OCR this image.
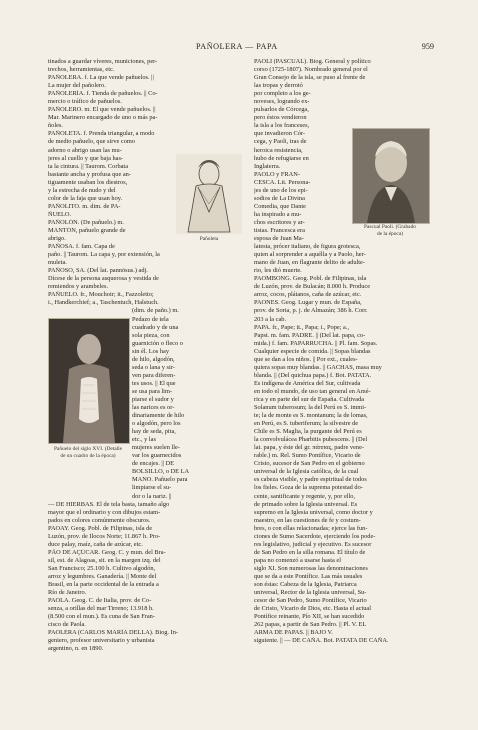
PAÑOLERA — PAPA	959
tinados a guardar víveres, municiones, per-
trechos, herramientas, etc.
PAÑOLERA. f. La que vende pañuelos. ||
La mujer del pañolero.
PAÑOLERÍA. f. Tienda de pañuelos. || Co-
mercio o tráfico de pañuelos.
PAÑOLERO. m. El que vende pañuelos. ||
Mar. Marinero encargado de uno o más pa-
ñoles.
PAÑOLETA. f. Prenda triangular, a modo
de medio pañuelo, que sirve como
adorno o abrigo usan las mu-
jeres al cuello y que baja has-
ta la cintura. || Taurom. Corbata
bastante ancha y profusa que an-
tiguamente usaban los diestros,
y la estrecha de nudo y del
color de la faja que usan hoy.
PAÑOLITO. m. dim. de PA-
ÑUELO.
PAÑOLÓN. (De pañuelo.) m.
MANTÓN, pañuelo grande de
abrigo.
PAÑOSA. f. fam. Capa de
paño. || Taurom. La capa y, por extensión, la
muleta.
PAÑOSO, SA. (Del lat. pannōsus.) adj.
Dícese de la persona asquerosa y vestida de
remiendos y arambeles.
PAÑUELO. fr., Mouchoir; it., Fazzoletto;
i., Handkerchief; a., Taschentuch, Halstuch.
(dim. de paño.) m.
Pedazo de tela
cuadrado y de una
sola pieza, con
guarnición o fleco o
sin él. Los hay
de hilo, algodón,
seda o lana y sir-
ven para diferen-
tes usos. || El que
se usa para lim-
piarse el sudor y
las narices es or-
dinariamente de hilo
o algodón, pero los
hay de seda, pita,
etc., y las
mujeres suelen lle-
var los guarnecidos
de encajes. || DE
BOLSILLO, o DE LA
MANO. Pañuelo para
limpiarse el su-
dor o la nariz. ||
— DE HIERBAS. El de tela basta, tamaño algo
mayor que el ordinario y con dibujos estam-
pados en colores comúnmente obscuros.
PAOAY. Geog. Pobl. de Filipinas, isla de
Luzón, prov. de Ilocos Norte; 11.867 h. Pro-
duce palay, maíz, caña de azúcar, etc.
PÃO DE AÇÚCAR. Geog. C. y mun. del Bra-
sil, est. de Alagoas, sit. en la margen izq. del
San Francisco; 25.100 h. Cultivo algodón,
arroz y legumbres. Ganadería. || Monte del
Brasil, en la parte occidental de la entrada a
Río de Janeiro.
PAOLA. Geog. C. de Italia, prov. de Co-
senza, a orillas del mar Tirreno; 13.918 h.
(8.500 con el mun.). Es cuna de San Fran-
cisco de Paola.
PAOLERA (CARLOS MARÍA DELLA). Biog. In-
geniero, profesor universitario y urbanista
argentino, n. en 1890.
PAOLI (PASCUAL). Biog. General y político
corso (1725-1807). Nombrado general por el
Gran Consejo de la isla, se puso al frente de
las tropas y derrotó
por completo a los ge-
noveses, logrando ex-
pulsarlos de Córcega,
pero éstos vendieron
la isla a los franceses,
que invadieron Cór-
cega, y Paoli, tras de
heroica resistencia,
hubo de refugiarse en
Inglaterra.
PAOLO y FRAN-
CESCA. Lit. Persona-
jes de uno de los epi-
sodios de La Divina
Comedia, que Dante
ha inspirado a mu-
chos escritores y ar-
tistas. Francesca era
esposa de Juan Ma-
latesta, prócer italiano, de figura grotesca,
quien al sorprender a aquélla y a Paolo, her-
mano de Juan, en flagrante delito de adulte-
rio, les dió muerte.
PAOMBONG. Geog. Pobl. de Filipinas, isla
de Luzón, prov. de Bulacán; 8.000 h. Produce
arroz, cocos, plátanos, caña de azúcar, etc.
PAONES. Geog. Lugar y mun. de España,
prov. de Soria, p. j. de Almazán; 386 h. Corr.
203 a la cab.
PAPA. fr., Pape; it., Papa; i., Pope; a.,
Papst. m. fam. PADRE. || (Del lat. papa, co-
mida.) f. fam. PAPARRUCHA. || Pl. fam. Sopas.
Cualquier especie de comida. || Sopas blandas
que se dan a los niños. || Por ext., cuales-
quiera sopas muy blandas. || GACHAS, masa muy
blanda. || (Del quichua papa.) f. Bot. PATATA.
Es indígena de América del Sur, cultivada
en todo el mundo, de uso tan general en Amé-
rica y en parte del sur de España. Cultivada
Solanum tuberosum; la del Perú es S. immi-
te; la de monte es S. montanum; la de lomas,
en Perú, es S. tuberiferum; la silvestre de
Chile es S. Maglia, la purgante del Perú es
la convolvulácea Pharbitis pubescens. || (Del
lat. papa, y éste del gr. πάππας, padre vene-
rable.) m. Rel. Sumo Pontífice, Vicario de
Cristo, sucesor de San Pedro en el gobierno
universal de la Iglesia católica, de la cual
es cabeza visible, y padre espiritual de todos
los fieles. Goza de la suprema potestad do-
cente, santificante y regente, y, por ello,
de primado sobre la Iglesia universal. Es
supremo en la Iglesia universal, como doctor y
maestro, en las cuestiones de fe y costum-
bres, o con ellas relacionadas; ejerce las fun-
ciones de Sumo Sacerdote, ejerciendo los pode-
res legislativo, judicial y ejecutivo. Es sucesor
de San Pedro en la silla romana. El título de
papa no comenzó a usarse hasta el
siglo XI. Son numerosas las denominaciones
que se da a este Pontífice. Las más usuales
son éstas: Cabeza de la Iglesia, Patriarca
universal, Rector de la Iglesia universal, Su-
cesor de San Pedro, Sumo Pontífice, Vicario
de Cristo, Vicario de Dios, etc. Hasta el actual
Pontífice reinante, Pío XII, se han sucedido
262 papas, a partir de San Pedro. || Pl. V. EL
ARMA DE PAPAS. || BAJO V.
siguiente. || — DE CAÑA. Bot. PATATA DE CAÑA.
Pañoleta
Pascual Paoli. (Grabado
de la época)
Pañuelo del siglo XVI. (Detalle
de un cuadro de la época)
